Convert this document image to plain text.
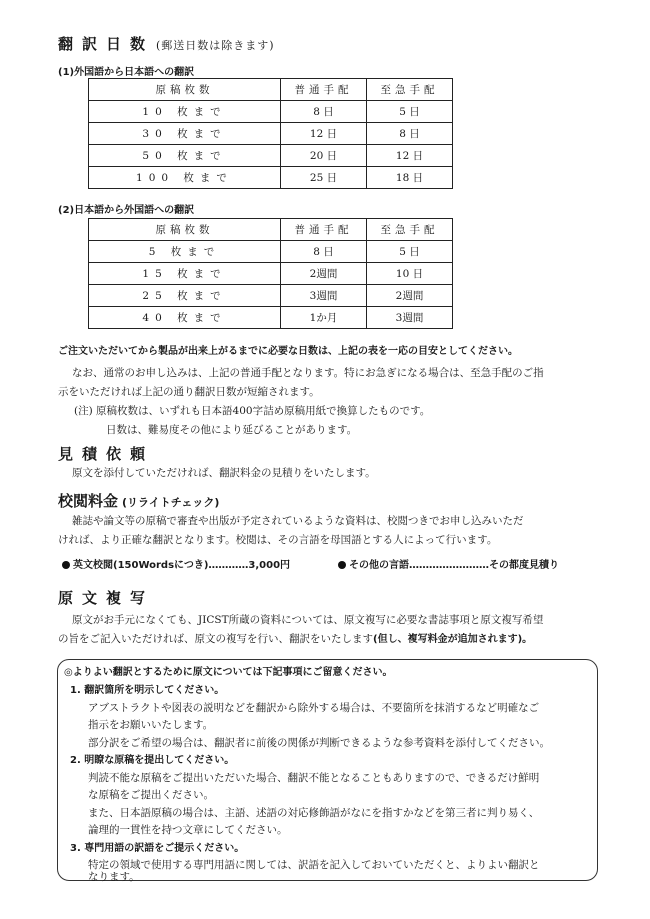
翻訳日数 (郵送日数は除きます)
(1)外国語から日本語への翻訳
原稿枚数	普通手配	至急手配
10 枚まで	8 日	5 日
30 枚まで	12 日	8 日
50 枚まで	20 日	12 日
100 枚まで	25 日	18 日
(2)日本語から外国語への翻訳
原稿枚数	普通手配	至急手配
5 枚まで	8 日	5 日
15 枚まで	2週間	10 日
25 枚まで	3週間	2週間
40 枚まで	1か月	3週間
ご注文いただいてから製品が出来上がるまでに必要な日数は、上記の表を一応の目安としてください。
なお、通常のお申し込みは、上記の普通手配となります。特にお急ぎになる場合は、至急手配のご指
示をいただければ上記の通り翻訳日数が短縮されます。
(注) 原稿枚数は、いずれも日本語400字詰め原稿用紙で換算したものです。
日数は、難易度その他により延びることがあります。
見積依頼
原文を添付していただければ、翻訳料金の見積りをいたします。
校閲料金 (リライトチェック)
雑誌や論文等の原稿で審査や出版が予定されているような資料は、校閲つきでお申し込みいただ
ければ、より正確な翻訳となります。校閲は、その言語を母国語とする人によって行います。
英文校閲(150Wordsにつき)…………3,000円	その他の言語……………………その都度見積り
原文複写
原文がお手元になくても、JICST所蔵の資料については、原文複写に必要な書誌事項と原文複写希望
の旨をご記入いただければ、原文の複写を行い、翻訳をいたします(但し、複写料金が追加されます)。
◎よりよい翻訳とするために原文については下記事項にご留意ください。
1. 翻訳箇所を明示してください。
アブストラクトや図表の説明などを翻訳から除外する場合は、不要箇所を抹消するなど明確なご
指示をお願いいたします。
部分訳をご希望の場合は、翻訳者に前後の関係が判断できるような参考資料を添付してください。
2. 明瞭な原稿を提出してください。
判読不能な原稿をご提出いただいた場合、翻訳不能となることもありますので、できるだけ鮮明
な原稿をご提出ください。
また、日本語原稿の場合は、主語、述語の対応修飾語がなにを指すかなどを第三者に判り易く、
論理的一貫性を持つ文章にしてください。
3. 専門用語の訳語をご提示ください。
特定の領域で使用する専門用語に関しては、訳語を記入しておいていただくと、よりよい翻訳と
なります。
